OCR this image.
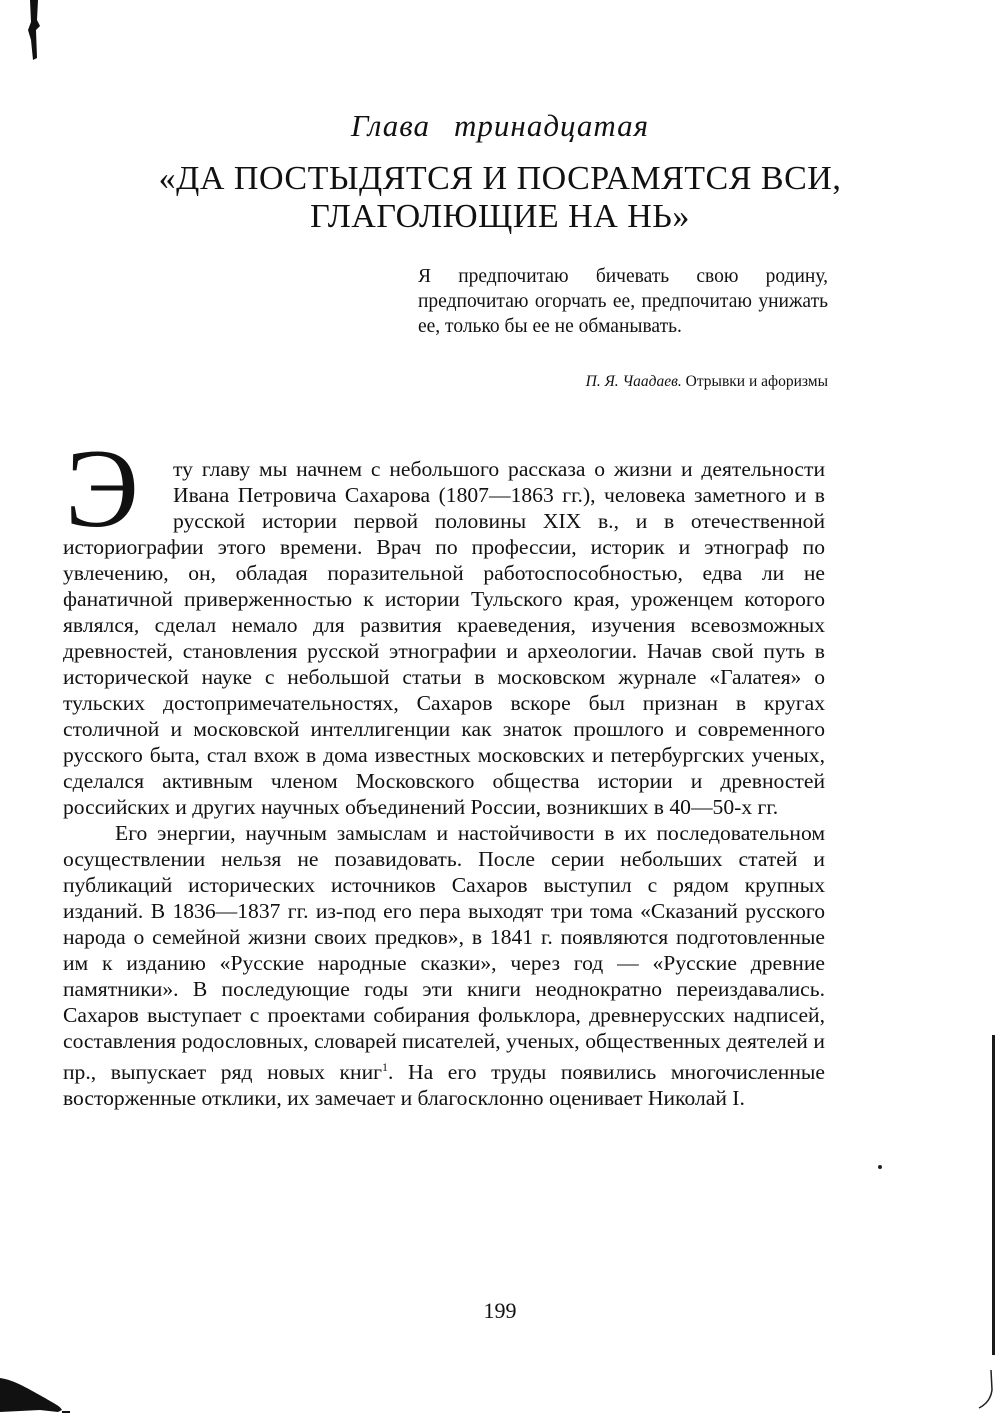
Глава тринадцатая
«ДА ПОСТЫДЯТСЯ И ПОСРАМЯТСЯ ВСИ,
ГЛАГОЛЮЩИЕ НА НЬ»
Я предпочитаю бичевать свою родину, предпочитаю огорчать ее, предпочитаю унижать ее, только бы ее не обманывать.
П. Я. Чаадаев. Отрывки и афоризмы
Э	ту главу мы начнем с небольшого рассказа о жизни и деятельности Ивана Петровича Сахарова (1807—1863 гг.), человека заметного и в русской истории первой половины XIX в., и в отечественной историографии этого времени. Врач по профессии, историк и этнограф по увлечению, он, обладая поразительной работоспособностью, едва ли не фанатичной приверженностью к истории Тульского края, уроженцем которого являлся, сделал немало для развития краеведения, изучения всевозможных древностей, становления русской этнографии и археологии. Начав свой путь в исторической науке с небольшой статьи в московском журнале «Галатея» о тульских достопримечательностях, Сахаров вскоре был признан в кругах столичной и московской интеллигенции как знаток прошлого и современного русского быта, стал вхож в дома известных московских и петербургских ученых, сделался активным членом Московского общества истории и древностей российских и других научных объединений России, возникших в 40—50-х гг.

Его энергии, научным замыслам и настойчивости в их последовательном осуществлении нельзя не позавидовать. После серии небольших статей и публикаций исторических источников Сахаров выступил с рядом крупных изданий. В 1836—1837 гг. из-под его пера выходят три тома «Сказаний русского народа о семейной жизни своих предков», в 1841 г. появляются подготовленные им к изданию «Русские народные сказки», через год — «Русские древние памятники». В последующие годы эти книги неоднократно переиздавались. Сахаров выступает с проектами собирания фольклора, древнерусских надписей, составления родословных, словарей писателей, ученых, общественных деятелей и пр., выпускает ряд новых книг$^1$. На его труды появились многочисленные восторженные отклики, их замечает и благосклонно оценивает Николай I.

199
